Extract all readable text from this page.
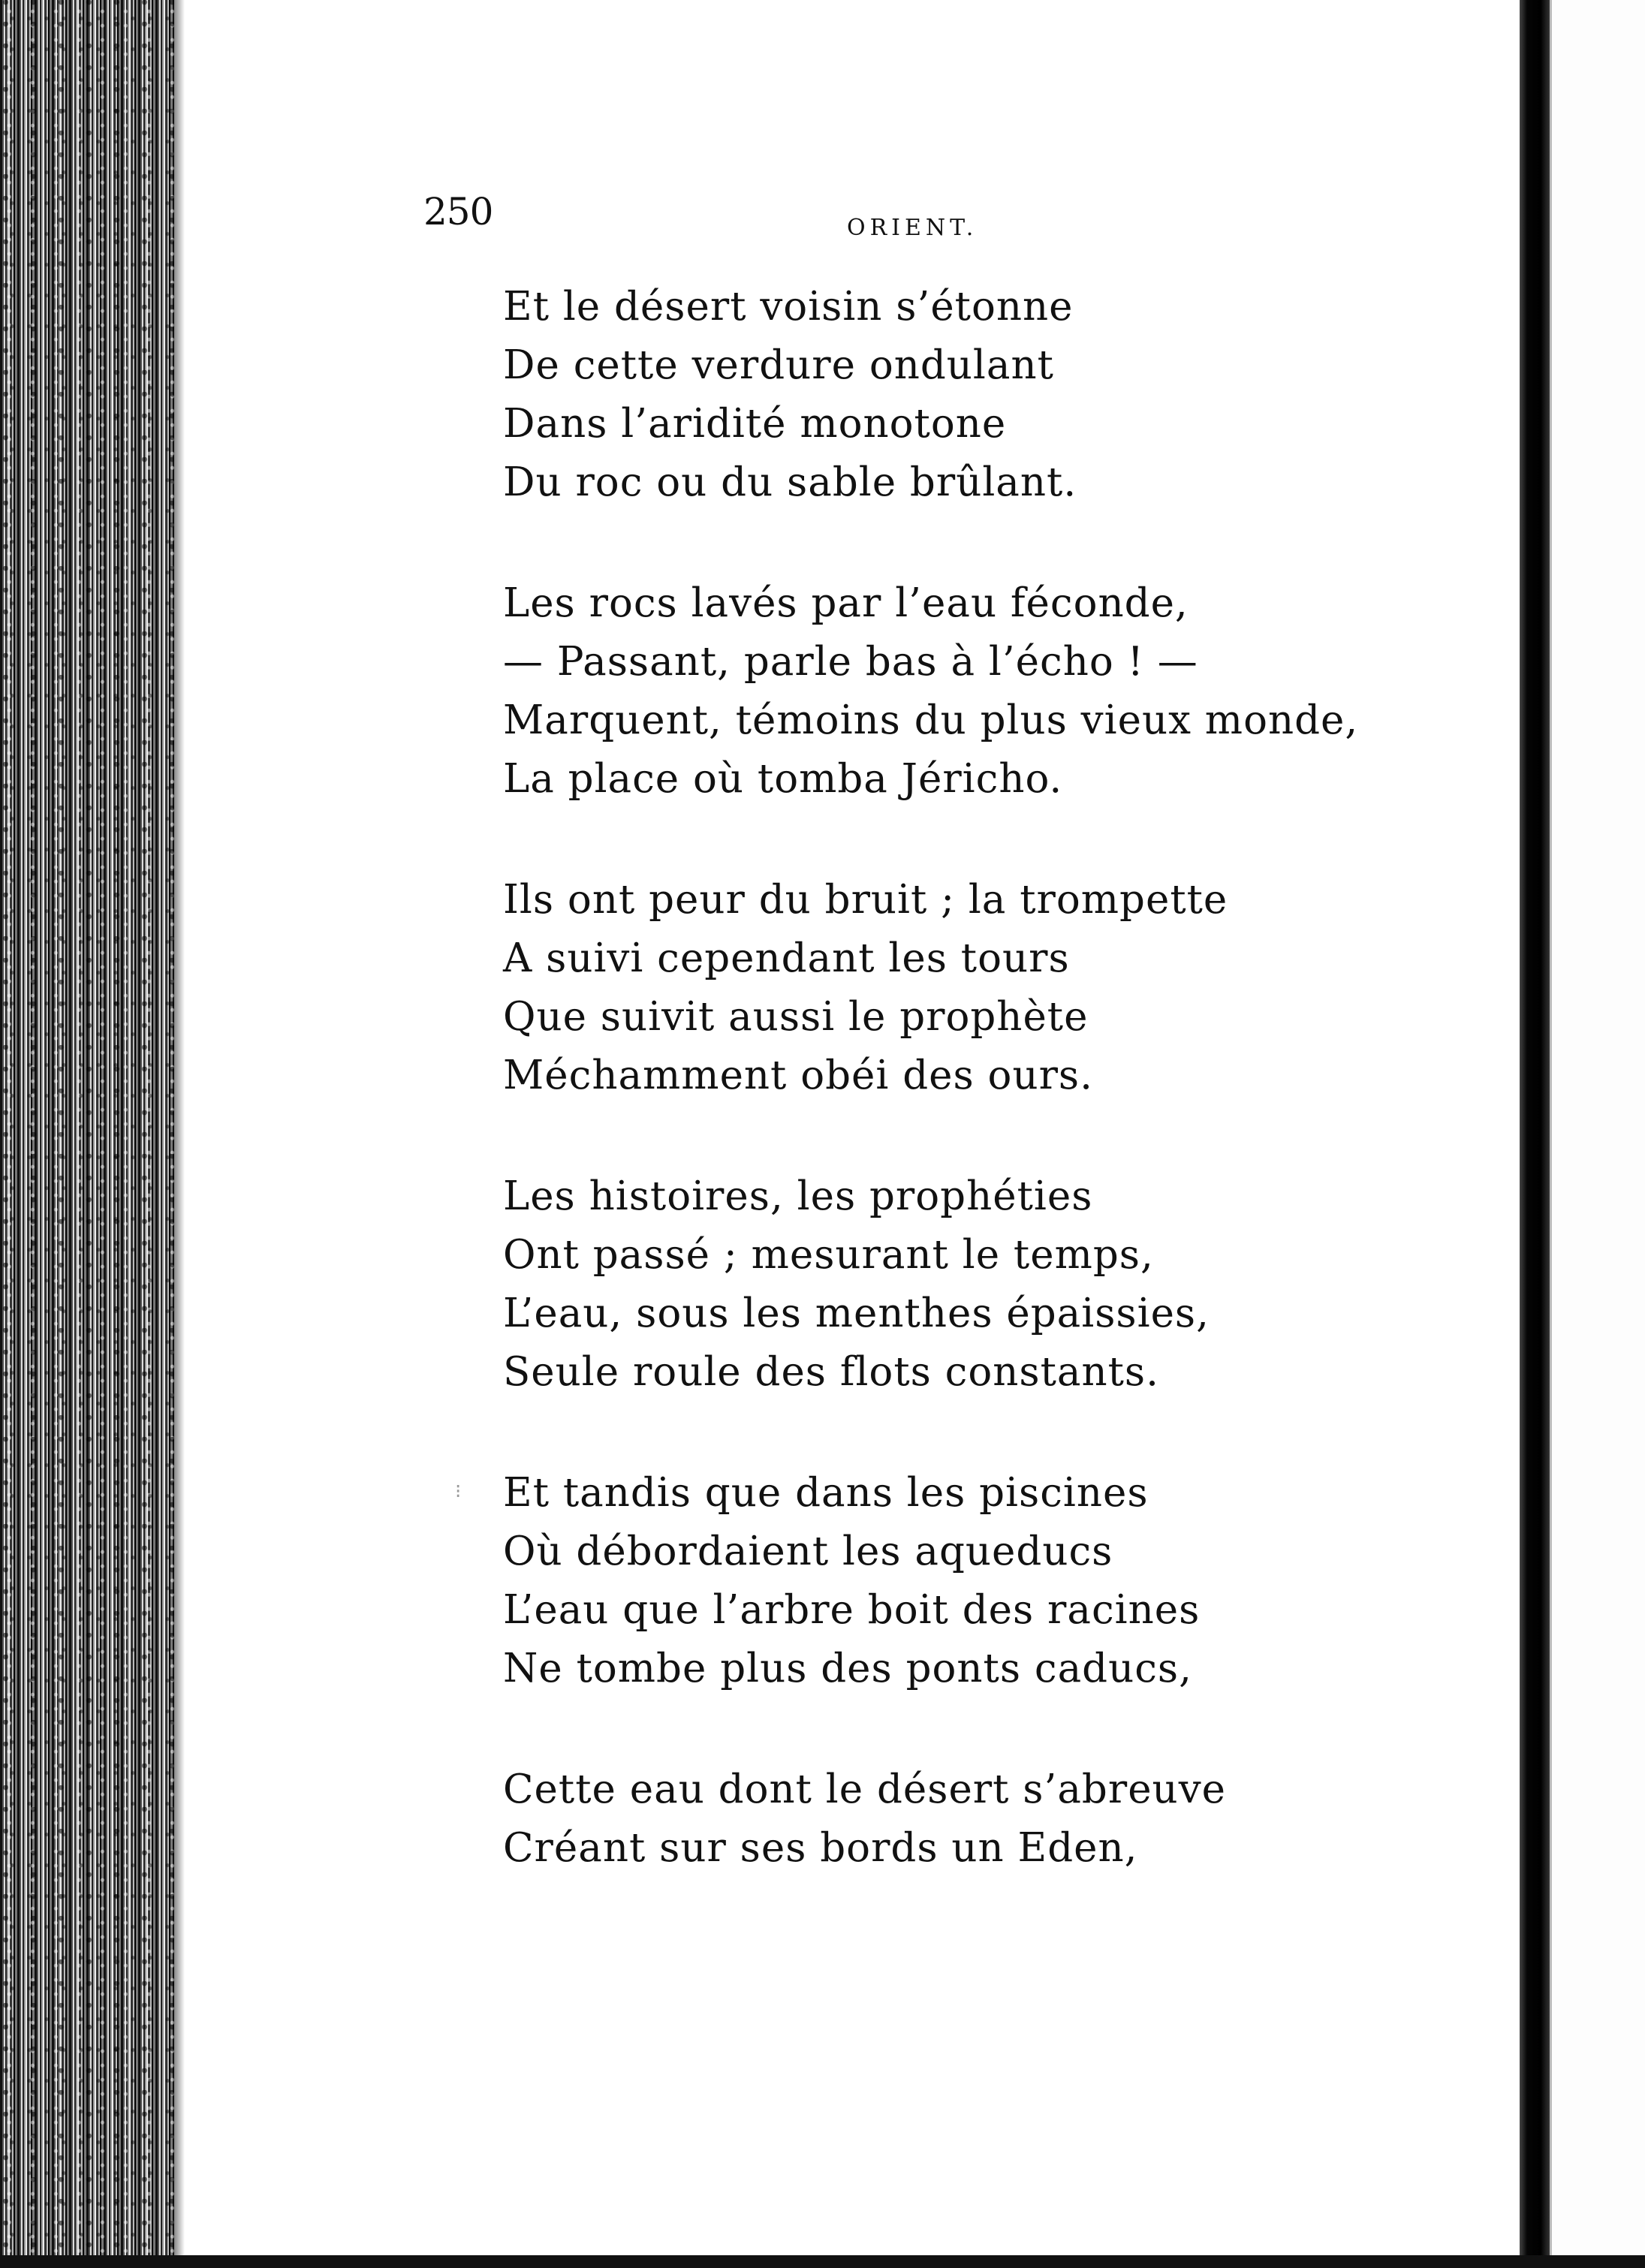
250	ORIENT.
⁝
Et le désert voisin s’étonne
De cette verdure ondulant
Dans l’aridité monotone
Du roc ou du sable brûlant.
Les rocs lavés par l’eau féconde,
— Passant, parle bas à l’écho ! —
Marquent, témoins du plus vieux monde,
La place où tomba Jéricho.
Ils ont peur du bruit ; la trompette
A suivi cependant les tours
Que suivit aussi le prophète
Méchamment obéi des ours.
Les histoires, les prophéties
Ont passé ; mesurant le temps,
L’eau, sous les menthes épaissies,
Seule roule des flots constants.
Et tandis que dans les piscines
Où débordaient les aqueducs
L’eau que l’arbre boit des racines
Ne tombe plus des ponts caducs,
Cette eau dont le désert s’abreuve
Créant sur ses bords un Eden,
